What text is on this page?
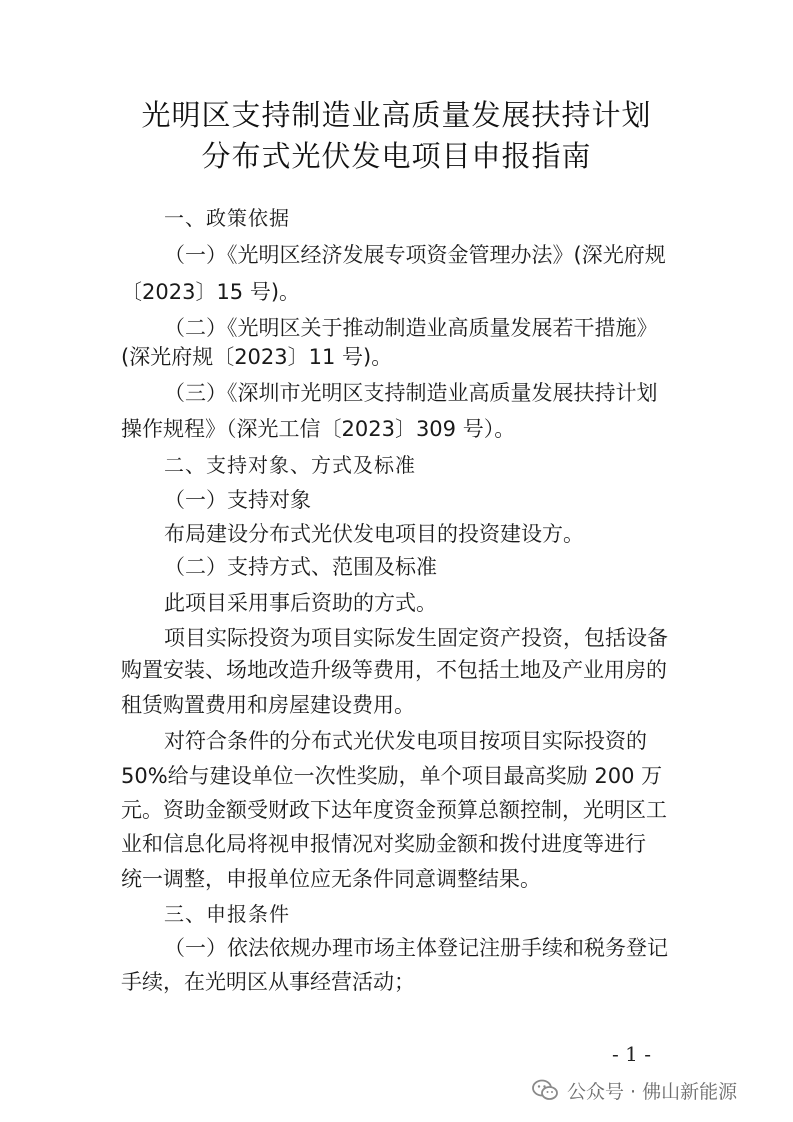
光明区支持制造业高质量发展扶持计划
分布式光伏发电项目申报指南
一、政策依据
（一）《光明区经济发展专项资金管理办法》(深光府规
〔2023〕15 号)。
（二）《光明区关于推动制造业高质量发展若干措施》
(深光府规〔2023〕11 号)。
（三）《深圳市光明区支持制造业高质量发展扶持计划
操作规程》（深光工信〔2023〕309 号）。
二、支持对象、方式及标准
（一）支持对象
布局建设分布式光伏发电项目的投资建设方。
（二）支持方式、范围及标准
此项目采用事后资助的方式。
项目实际投资为项目实际发生固定资产投资，包括设备
购置安装、场地改造升级等费用，不包括土地及产业用房的
租赁购置费用和房屋建设费用。
对符合条件的分布式光伏发电项目按项目实际投资的
50%给与建设单位一次性奖励，单个项目最高奖励 200 万
元。资助金额受财政下达年度资金预算总额控制，光明区工
业和信息化局将视申报情况对奖励金额和拨付进度等进行
统一调整，申报单位应无条件同意调整结果。
三、申报条件
（一）依法依规办理市场主体登记注册手续和税务登记
手续，在光明区从事经营活动；
- 1 -
公众号 · 佛山新能源
